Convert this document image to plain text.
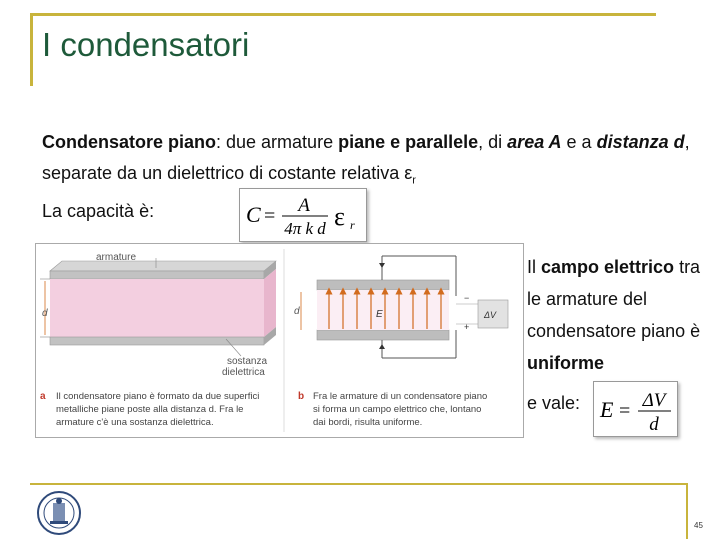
I condensatori

Condensatore piano: due armature piane e parallele, di area A e a distanza d, separate da un dielettrico di costante relativa $\varepsilon_r$

La capacità è:	C = A
4π k d ε r
d
armature
sostanza
dielettrica
a Il condensatore piano è formato da due superfici
metalliche piane poste alla distanza d. Fra le
armature c'è una sostanza dielettrica.
ΔV
−
+
E
d
b Fra le armature di un condensatore piano
si forma un campo elettrico che, lontano
dai bordi, risulta uniforme.
Il campo elettrico tra le armature del condensatore piano è uniforme
e vale: E = ΔV
d
45
